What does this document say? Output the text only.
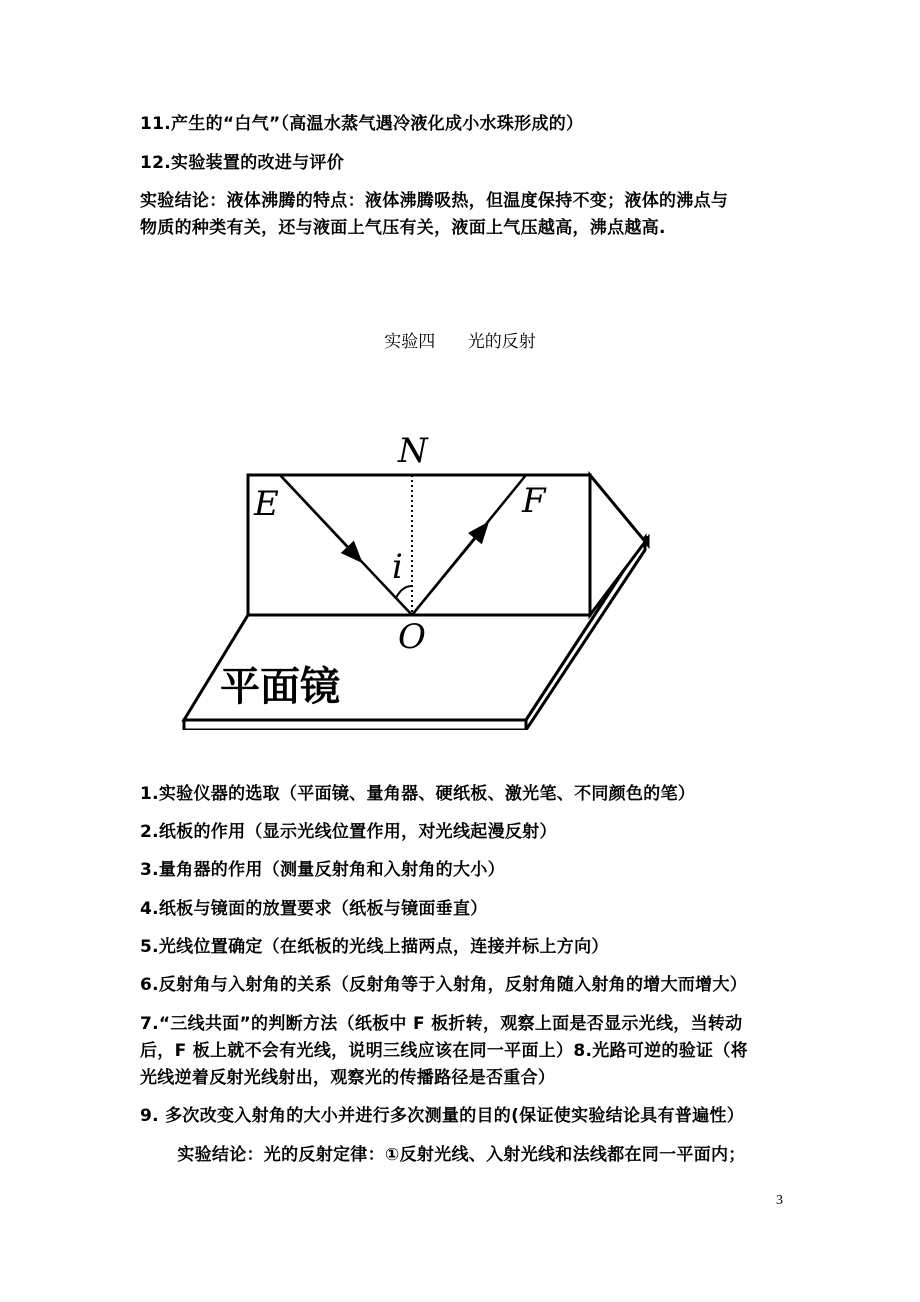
11.产生的“白气”（高温水蒸气遇冷液化成小水珠形成的）
12.实验装置的改进与评价
实验结论：液体沸腾的特点：液体沸腾吸热，但温度保持不变；液体的沸点与
物质的种类有关，还与液面上气压有关，液面上气压越高，沸点越高.
实验四      光的反射
N
E	F
i
O
平面镜
1.实验仪器的选取（平面镜、量角器、硬纸板、激光笔、不同颜色的笔）
2.纸板的作用（显示光线位置作用，对光线起漫反射）
3.量角器的作用（测量反射角和入射角的大小）
4.纸板与镜面的放置要求（纸板与镜面垂直）
5.光线位置确定（在纸板的光线上描两点，连接并标上方向）
6.反射角与入射角的关系（反射角等于入射角，反射角随入射角的增大而增大）
7.“三线共面”的判断方法（纸板中 F 板折转，观察上面是否显示光线，当转动
后，F 板上就不会有光线，说明三线应该在同一平面上）8.光路可逆的验证（将
光线逆着反射光线射出，观察光的传播路径是否重合）
9. 多次改变入射角的大小并进行多次测量的目的(保证使实验结论具有普遍性）
实验结论：光的反射定律：①反射光线、入射光线和法线都在同一平面内；
3
